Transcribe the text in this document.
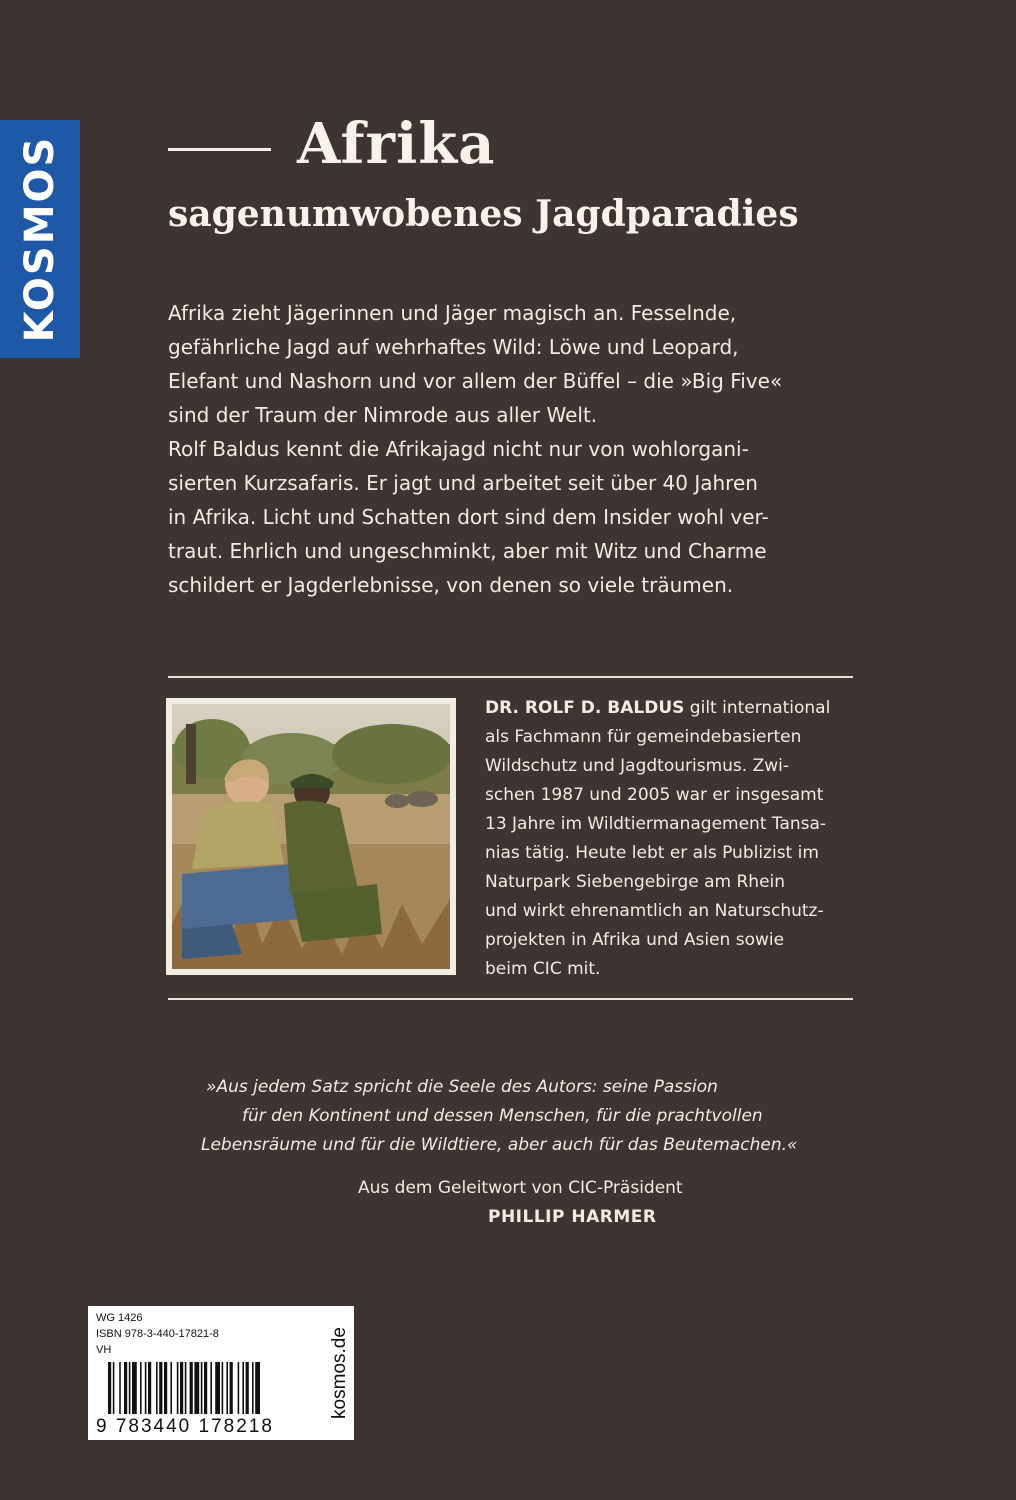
KOSMOS	Afrika
sagenumwobenes Jagdparadies
Afrika zieht Jägerinnen und Jäger magisch an. Fesselnde,
gefährliche Jagd auf wehrhaftes Wild: Löwe und Leopard,
Elefant und Nashorn und vor allem der Büffel – die »Big Five«
sind der Traum der Nimrode aus aller Welt.
Rolf Baldus kennt die Afrikajagd nicht nur von wohlorgani-
sierten Kurzsafaris. Er jagt und arbeitet seit über 40 Jahren
in Afrika. Licht und Schatten dort sind dem Insider wohl ver-
traut. Ehrlich und ungeschminkt, aber mit Witz und Charme
schildert er Jagderlebnisse, von denen so viele träumen.
DR. ROLF D. BALDUS gilt international
als Fachmann für gemeindebasierten
Wildschutz und Jagdtourismus. Zwi-
schen 1987 und 2005 war er insgesamt
13 Jahre im Wildtiermanagement Tansa-
nias tätig. Heute lebt er als Publizist im
Naturpark Siebengebirge am Rhein
und wirkt ehrenamtlich an Naturschutz-
projekten in Afrika und Asien sowie
beim CIC mit.
»Aus jedem Satz spricht die Seele des Autors: seine Passion
für den Kontinent und dessen Menschen, für die prachtvollen
Lebensräume und für die Wildtiere, aber auch für das Beutemachen.«
Aus dem Geleitwort von CIC-Präsident
PHILLIP HARMER
WG 1426
ISBN 978-3-440-17821-8
VH
9 783440 178218
kosmos.de
